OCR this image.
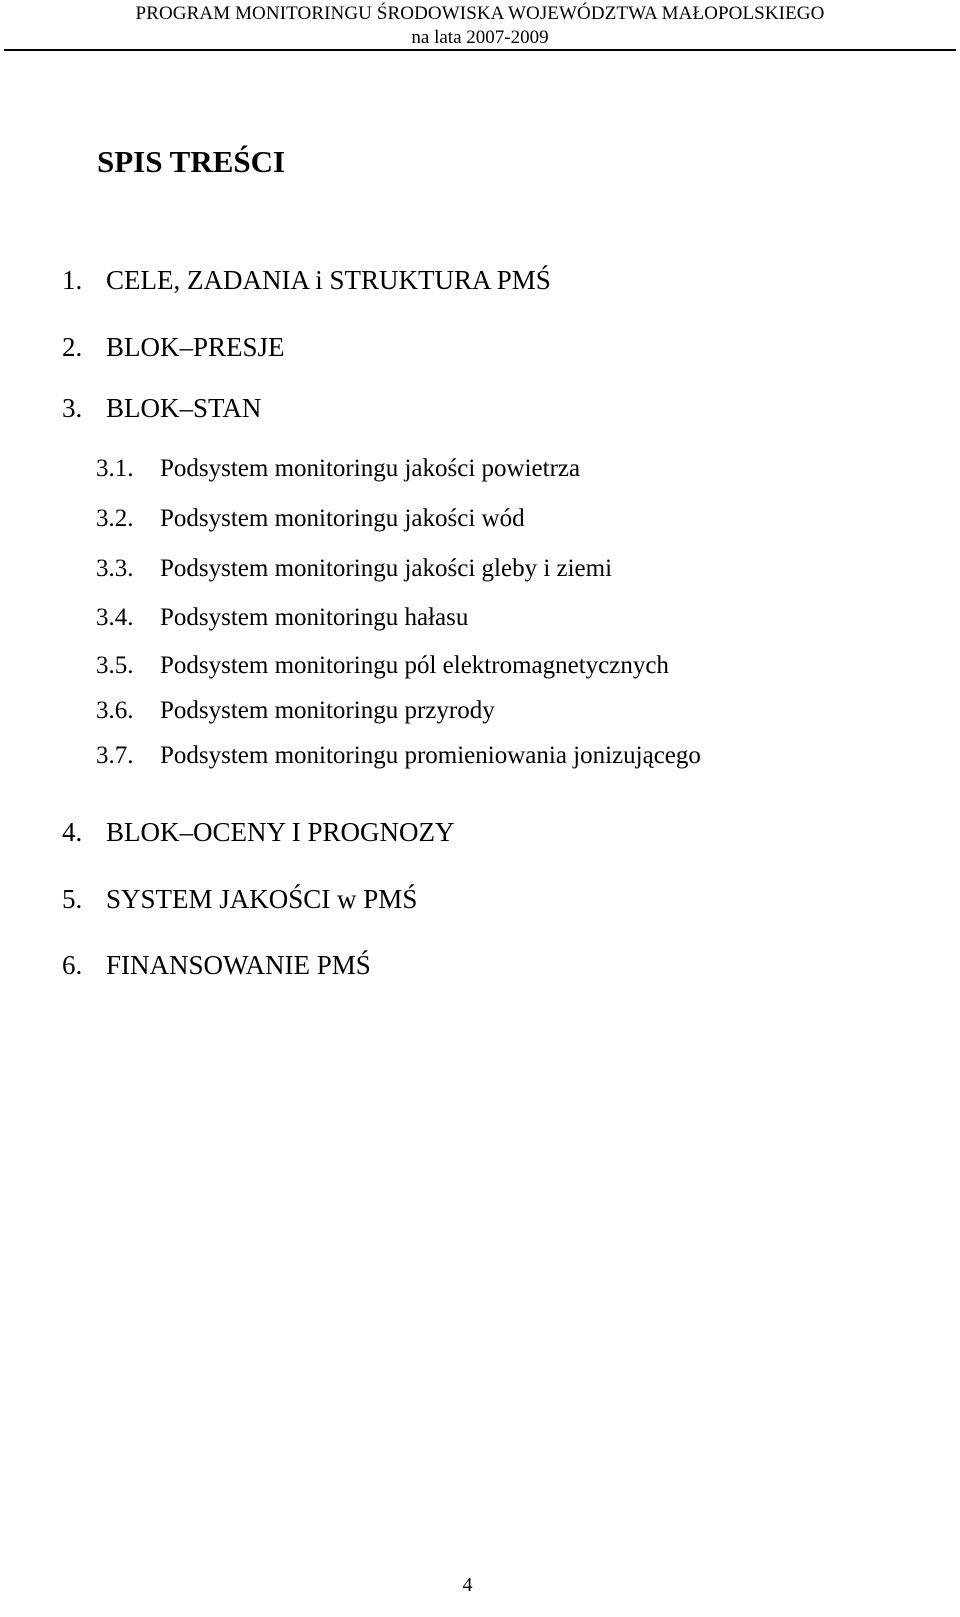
PROGRAM MONITORINGU ŚRODOWISKA WOJEWÓDZTWA MAŁOPOLSKIEGO
na lata 2007-2009
SPIS TREŚCI
1. CELE, ZADANIA i STRUKTURA PMŚ
2. BLOK–PRESJE
3. BLOK–STAN
3.1. Podsystem monitoringu jakości powietrza
3.2. Podsystem monitoringu jakości wód
3.3. Podsystem monitoringu jakości gleby i ziemi
3.4. Podsystem monitoringu hałasu
3.5. Podsystem monitoringu pól elektromagnetycznych
3.6. Podsystem monitoringu przyrody
3.7. Podsystem monitoringu promieniowania jonizującego
4. BLOK–OCENY I PROGNOZY
5. SYSTEM JAKOŚCI w PMŚ
6. FINANSOWANIE PMŚ
4
